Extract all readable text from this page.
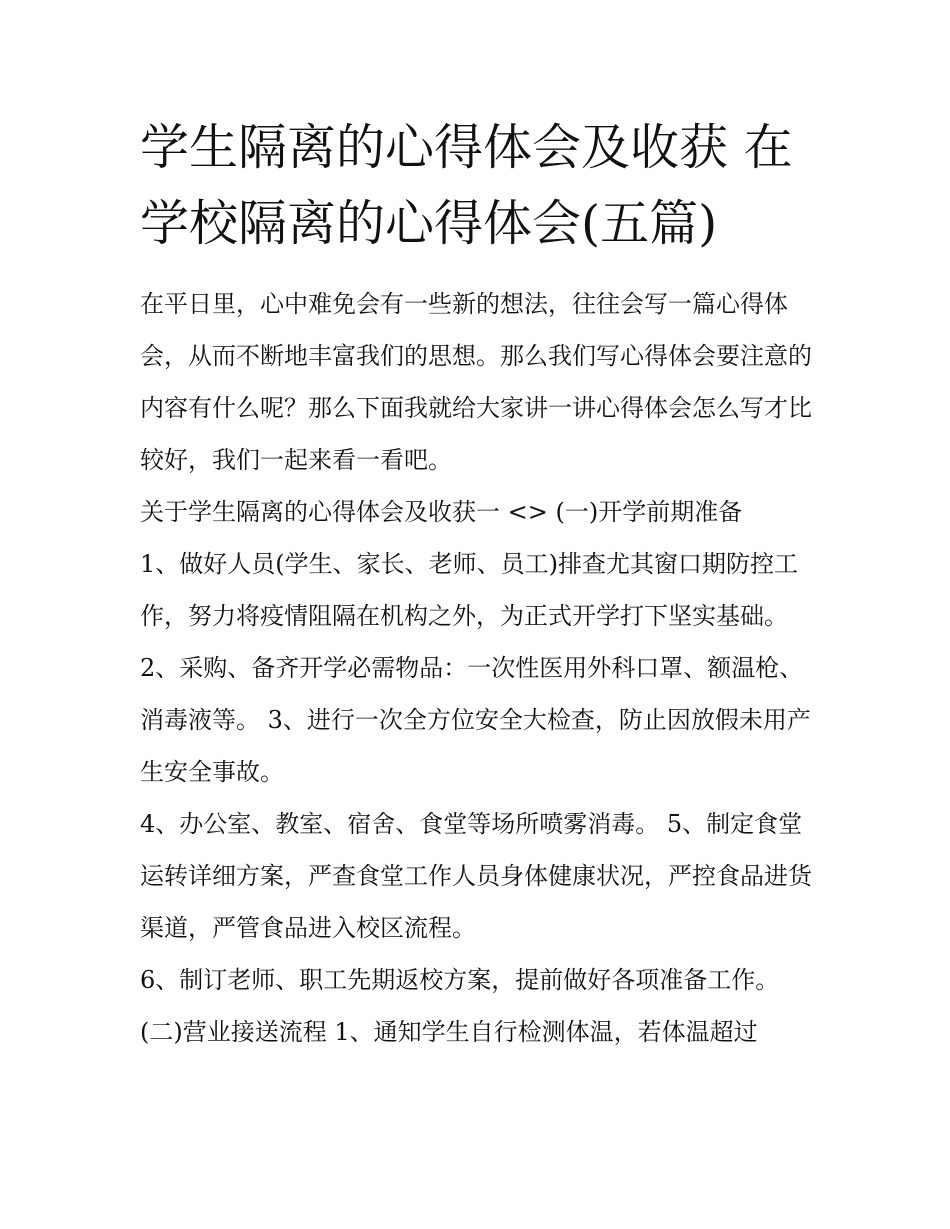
学生隔离的心得体会及收获 在学校隔离的心得体会(五篇)

在平日里，心中难免会有一些新的想法，往往会写一篇心得体会，从而不断地丰富我们的思想。那么我们写心得体会要注意的内容有什么呢？那么下面我就给大家讲一讲心得体会怎么写才比较好，我们一起来看一看吧。

关于学生隔离的心得体会及收获一 <> (一)开学前期准备

1、做好人员(学生、家长、老师、员工)排查尤其窗口期防控工作，努力将疫情阻隔在机构之外，为正式开学打下坚实基础。

2、采购、备齐开学必需物品：一次性医用外科口罩、额温枪、消毒液等。 3、进行一次全方位安全大检查，防止因放假未用产生安全事故。

4、办公室、教室、宿舍、食堂等场所喷雾消毒。 5、制定食堂运转详细方案，严查食堂工作人员身体健康状况，严控食品进货渠道，严管食品进入校区流程。

6、制订老师、职工先期返校方案，提前做好各项准备工作。

(二)营业接送流程 1、通知学生自行检测体温，若体温超过
